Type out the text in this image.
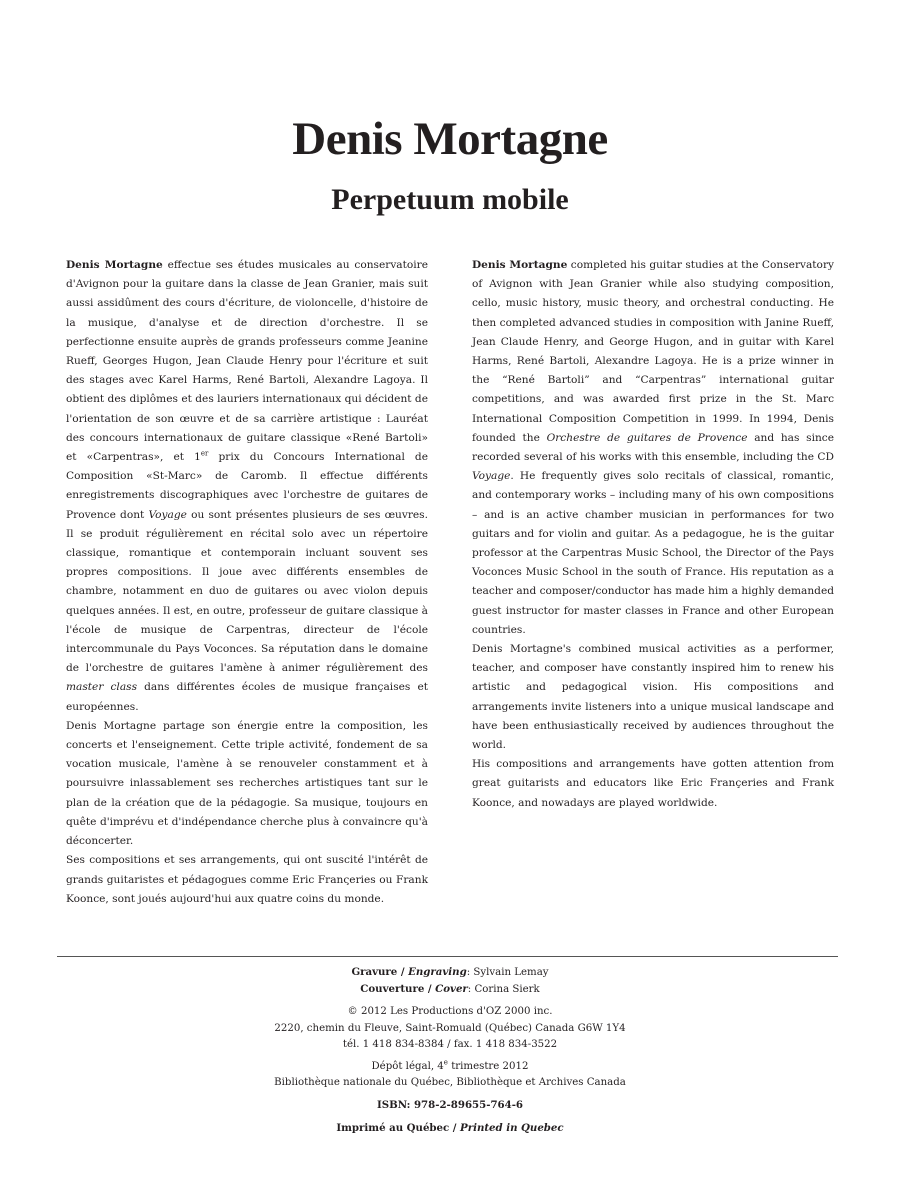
Denis Mortagne
Perpetuum mobile

Denis Mortagne effectue ses études musicales au conservatoire d'Avignon pour la guitare dans la classe de Jean Granier, mais suit aussi assidûment des cours d'écriture, de violoncelle, d'histoire de la musique, d'analyse et de direction d'orchestre. Il se perfectionne ensuite auprès de grands professeurs comme Jeanine Rueff, Georges Hugon, Jean Claude Henry pour l'écriture et suit des stages avec Karel Harms, René Bartoli, Alexandre Lagoya. Il obtient des diplômes et des lauriers internationaux qui décident de l'orientation de son œuvre et de sa carrière artistique : Lauréat des concours internationaux de guitare classique «René Bartoli» et «Carpentras», et 1er prix du Concours International de Composition «St-Marc» de Caromb. Il effectue différents enregistrements discographiques avec l'orchestre de guitares de Provence dont Voyage ou sont présentes plusieurs de ses œuvres. Il se produit régulièrement en récital solo avec un répertoire classique, romantique et contemporain incluant souvent ses propres compositions. Il joue avec différents ensembles de chambre, notamment en duo de guitares ou avec violon depuis quelques années. Il est, en outre, professeur de guitare classique à l'école de musique de Carpentras, directeur de l'école intercommunale du Pays Voconces. Sa réputation dans le domaine de l'orchestre de guitares l'amène à animer régulièrement des master class dans différentes écoles de musique françaises et européennes.

Denis Mortagne partage son énergie entre la composition, les concerts et l'enseignement. Cette triple activité, fondement de sa vocation musicale, l'amène à se renouveler constamment et à poursuivre inlassablement ses recherches artistiques tant sur le plan de la création que de la pédagogie. Sa musique, toujours en quête d'imprévu et d'indépendance cherche plus à convaincre qu'à déconcerter.

Ses compositions et ses arrangements, qui ont suscité l'intérêt de grands guitaristes et pédagogues comme Eric Franςeries ou Frank Koonce, sont joués aujourd'hui aux quatre coins du monde.

Denis Mortagne completed his guitar studies at the Conservatory of Avignon with Jean Granier while also studying composition, cello, music history, music theory, and orchestral conducting. He then completed advanced studies in composition with Janine Rueff, Jean Claude Henry, and George Hugon, and in guitar with Karel Harms, René Bartoli, Alexandre Lagoya. He is a prize winner in the “René Bartoli” and “Carpentras” international guitar competitions, and was awarded first prize in the St. Marc International Composition Competition in 1999. In 1994, Denis founded the Orchestre de guitares de Provence and has since recorded several of his works with this ensemble, including the CD Voyage. He frequently gives solo recitals of classical, romantic, and contemporary works – including many of his own compositions – and is an active chamber musician in performances for two guitars and for violin and guitar. As a pedagogue, he is the guitar professor at the Carpentras Music School, the Director of the Pays Voconces Music School in the south of France. His reputation as a teacher and composer/conductor has made him a highly demanded guest instructor for master classes in France and other European countries.

Denis Mortagne's combined musical activities as a performer, teacher, and composer have constantly inspired him to renew his artistic and pedagogical vision. His compositions and arrangements invite listeners into a unique musical landscape and have been enthusiastically received by audiences throughout the world.

His compositions and arrangements have gotten attention from great guitarists and educators like Eric Françeries and Frank Koonce, and nowadays are played worldwide.

Gravure / Engraving: Sylvain Lemay
Couverture / Cover: Corina Sierk
© 2012 Les Productions d'OZ 2000 inc.
2220, chemin du Fleuve, Saint-Romuald (Québec) Canada G6W 1Y4
tél. 1 418 834-8384 / fax. 1 418 834-3522
Dépôt légal, 4e trimestre 2012
Bibliothèque nationale du Québec, Bibliothèque et Archives Canada
ISBN: 978-2-89655-764-6
Imprimé au Québec / Printed in Quebec
